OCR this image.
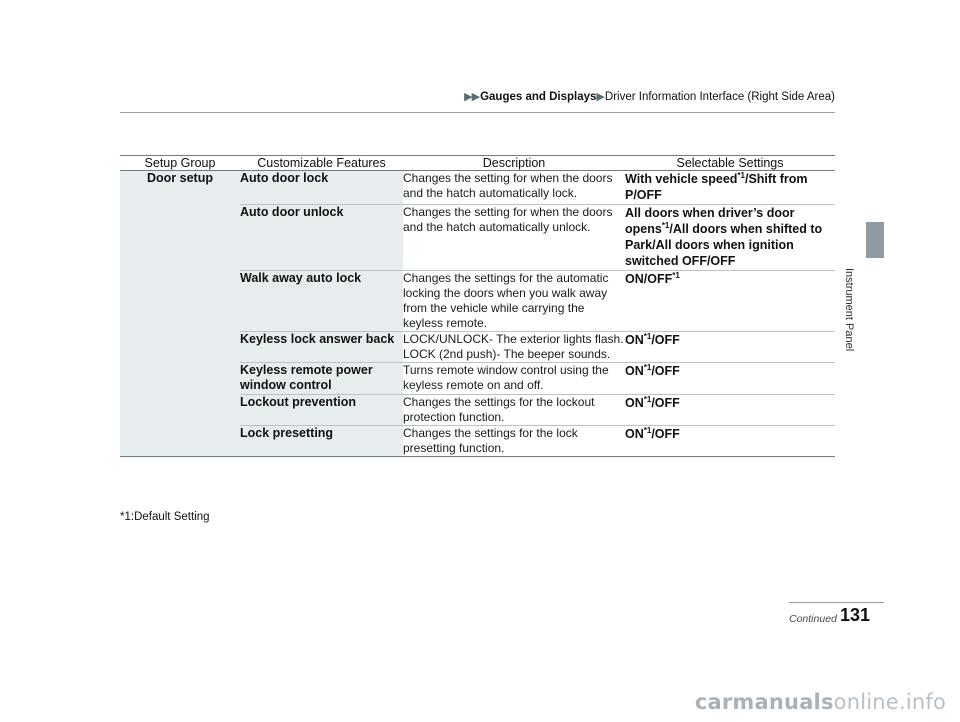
▶▶Gauges and Displays▶Driver Information Interface (Right Side Area)
Instrument Panel
Setup Group	Customizable Features	Description	Selectable Settings
Door setup	Auto door lock	Changes the setting for when the doors and the hatch automatically lock.	With vehicle speed$^{*1}$/Shift from P/OFF
	Auto door unlock	Changes the setting for when the doors and the hatch automatically unlock.	All doors when driver’s door opens$^{*1}$/All doors when shifted to Park/All doors when ignition switched OFF/OFF
	Walk away auto lock	Changes the settings for the automatic locking the doors when you walk away from the vehicle while carrying the keyless remote.	ON/OFF$^{*1}$
	Keyless lock answer back	LOCK/UNLOCK- The exterior lights flash. LOCK (2nd push)- The beeper sounds.	ON$^{*1}$/OFF
	Keyless remote power window control	Turns remote window control using the keyless remote on and off.	ON$^{*1}$/OFF
	Lockout prevention	Changes the settings for the lockout protection function.	ON$^{*1}$/OFF
	Lock presetting	Changes the settings for the lock presetting function.	ON$^{*1}$/OFF
*1:Default Setting
Continued 131
carmanualsonline.info
